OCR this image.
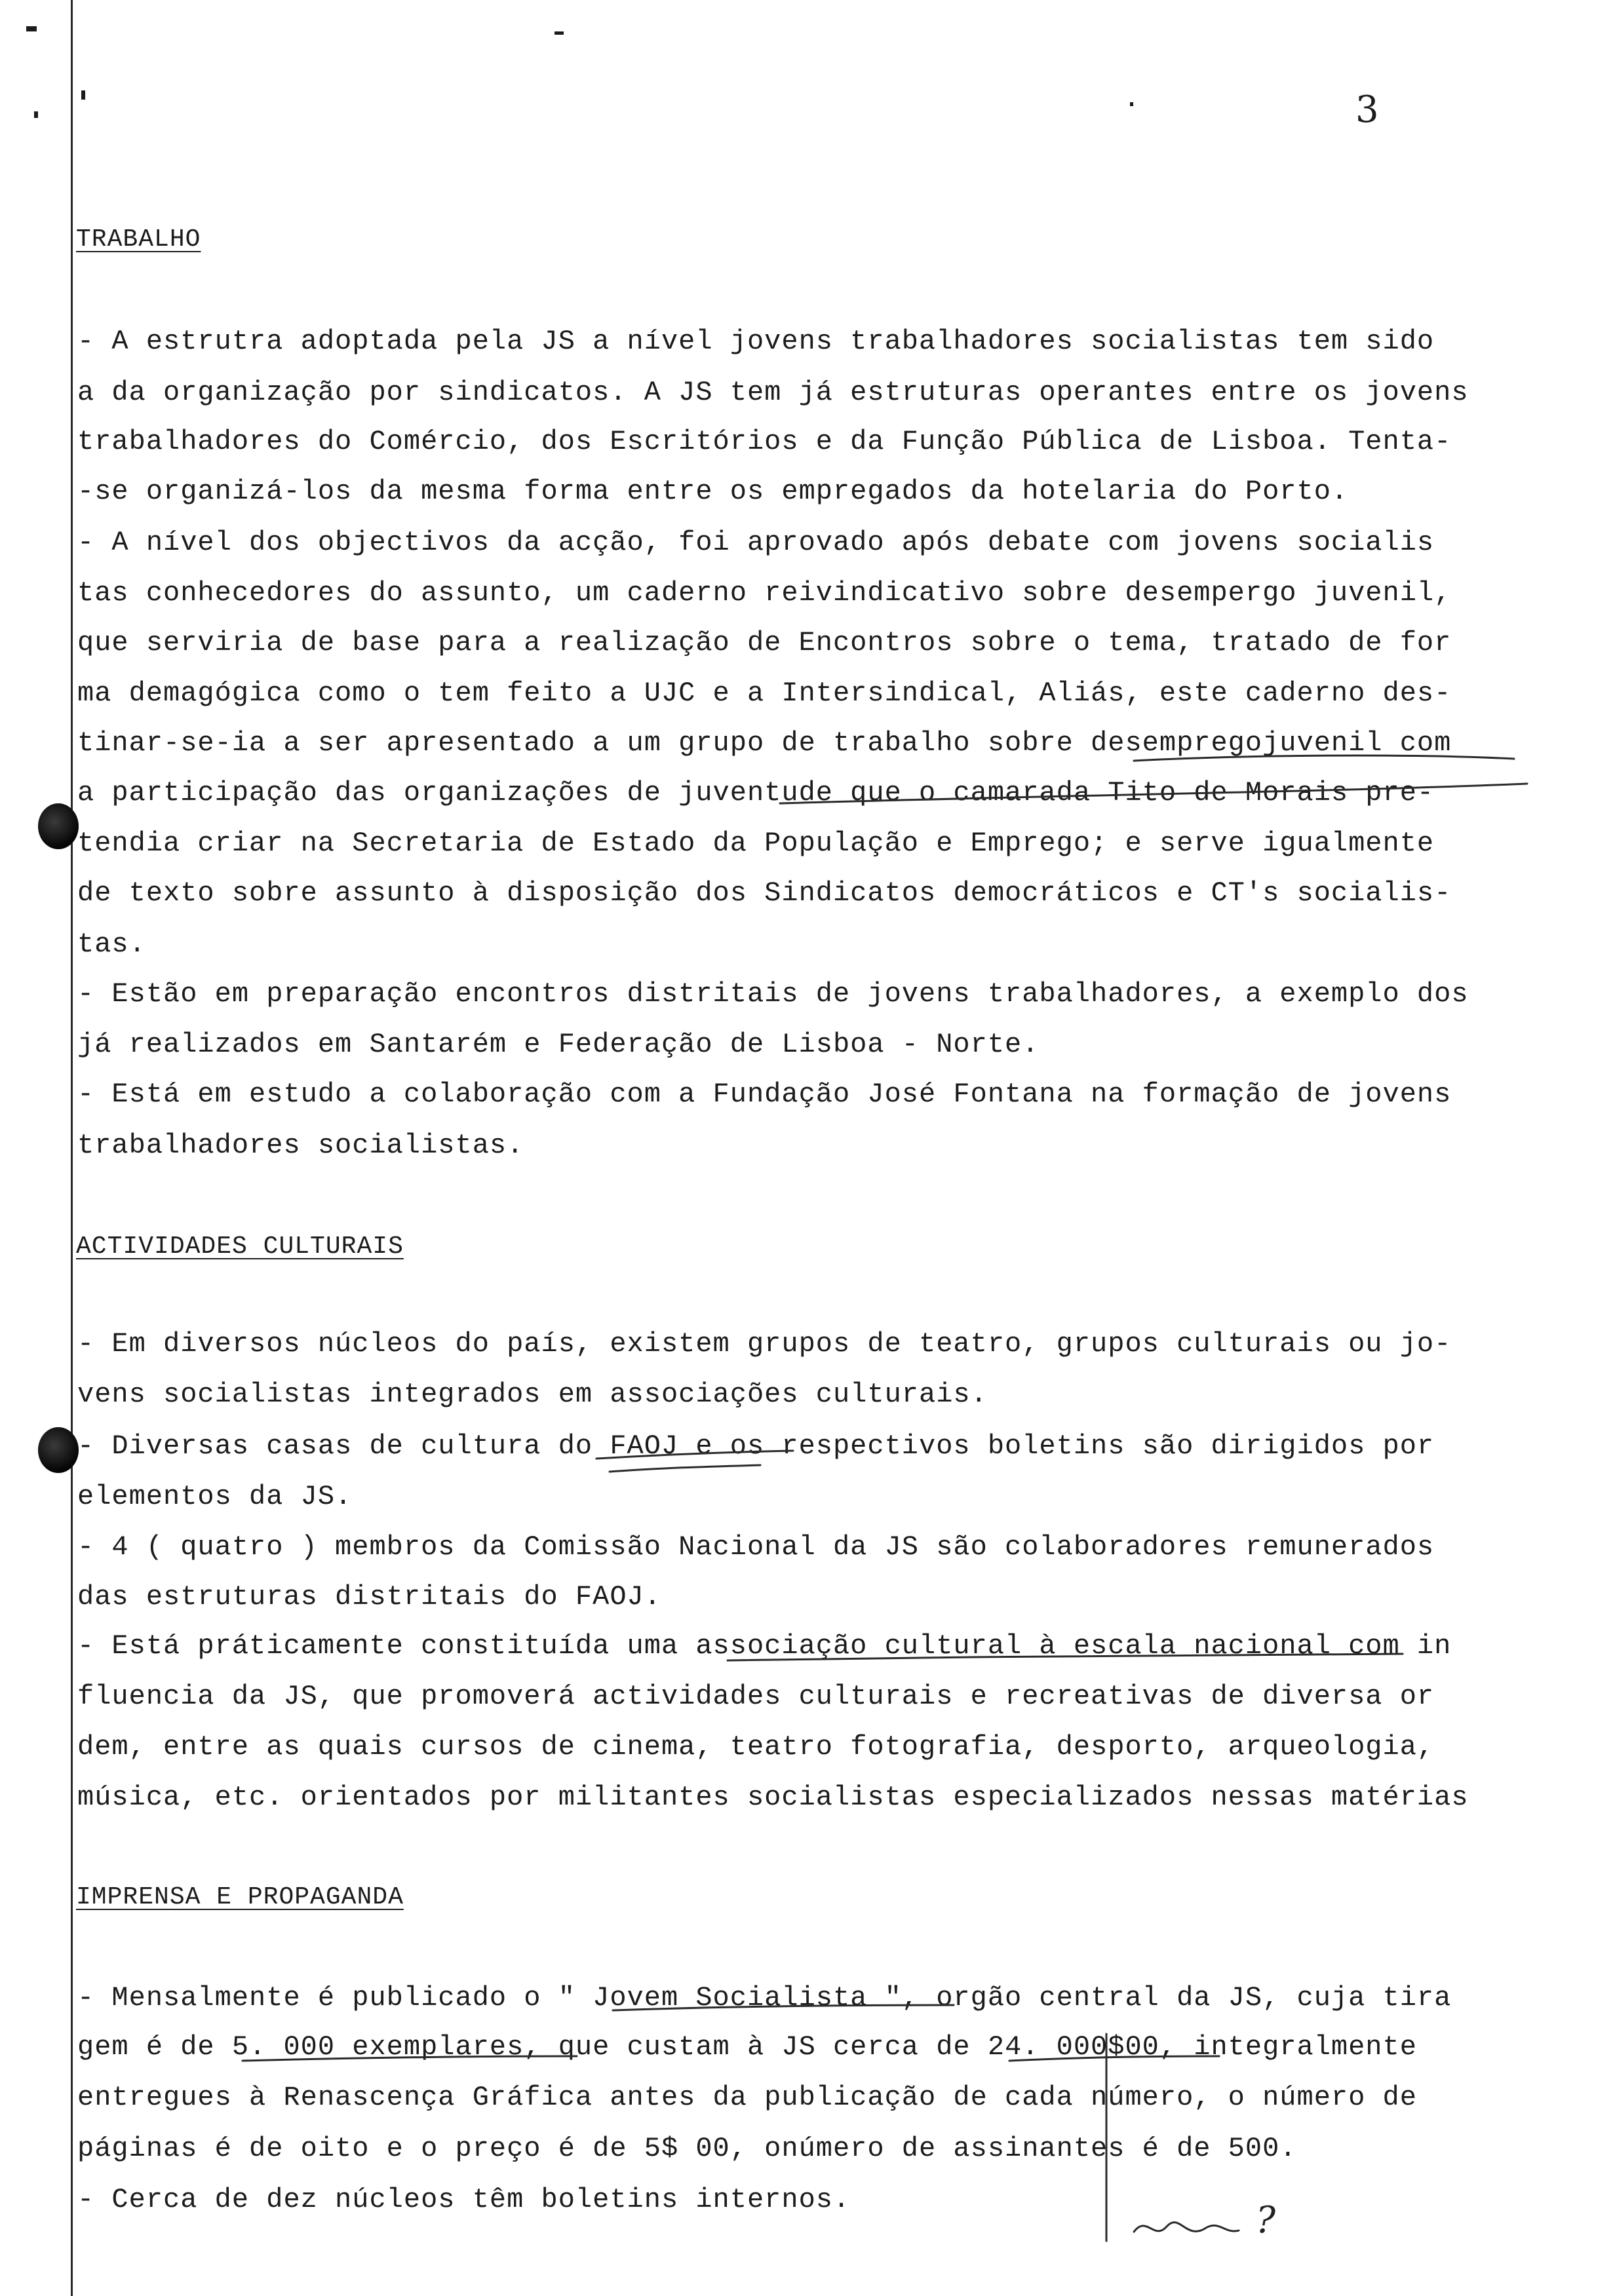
3
TRABALHO
- A estrutra adoptada pela JS a nível jovens trabalhadores socialistas tem sido
a da organização por sindicatos. A JS tem já estruturas operantes entre os jovens
trabalhadores do Comércio, dos Escritórios e da Função Pública de Lisboa. Tenta-
-se organizá-los da mesma forma entre os empregados da hotelaria do Porto.
- A nível dos objectivos da acção, foi aprovado após debate com jovens socialis
tas conhecedores do assunto, um caderno reivindicativo sobre desempergo juvenil,
que serviria de base para a realização de Encontros sobre o tema, tratado de for
ma demagógica como o tem feito a UJC e a Intersindical, Aliás, este caderno des-
tinar-se-ia a ser apresentado a um grupo de trabalho sobre desempregojuvenil com
a participação das organizações de juventude que o camarada Tito de Morais pre-
tendia criar na Secretaria de Estado da População e Emprego; e serve igualmente
de texto sobre assunto à disposição dos Sindicatos democráticos e CT's socialis-
tas.
- Estão em preparação encontros distritais de jovens trabalhadores, a exemplo dos
já realizados em Santarém e Federação de Lisboa - Norte.
- Está em estudo a colaboração com a Fundação José Fontana na formação de jovens
trabalhadores socialistas.
ACTIVIDADES CULTURAIS
- Em diversos núcleos do país, existem grupos de teatro, grupos culturais ou jo-
vens socialistas integrados em associações culturais.
- Diversas casas de cultura do FAOJ e os respectivos boletins são dirigidos por
elementos da JS.
- 4 ( quatro ) membros da Comissão Nacional da JS são colaboradores remunerados
das estruturas distritais do FAOJ.
- Está práticamente constituída uma associação cultural à escala nacional com in
fluencia da JS, que promoverá actividades culturais e recreativas de diversa or
dem, entre as quais cursos de cinema, teatro fotografia, desporto, arqueologia,
música, etc. orientados por militantes socialistas especializados nessas matérias
IMPRENSA E PROPAGANDA
- Mensalmente é publicado o " Jovem Socialista ", orgão central da JS, cuja tira
gem é de 5. 000 exemplares, que custam à JS cerca de 24. 000$00, integralmente
entregues à Renascença Gráfica antes da publicação de cada número, o número de
páginas é de oito e o preço é de 5$ 00, onúmero de assinantes é de 500.
- Cerca de dez núcleos têm boletins internos.	?
